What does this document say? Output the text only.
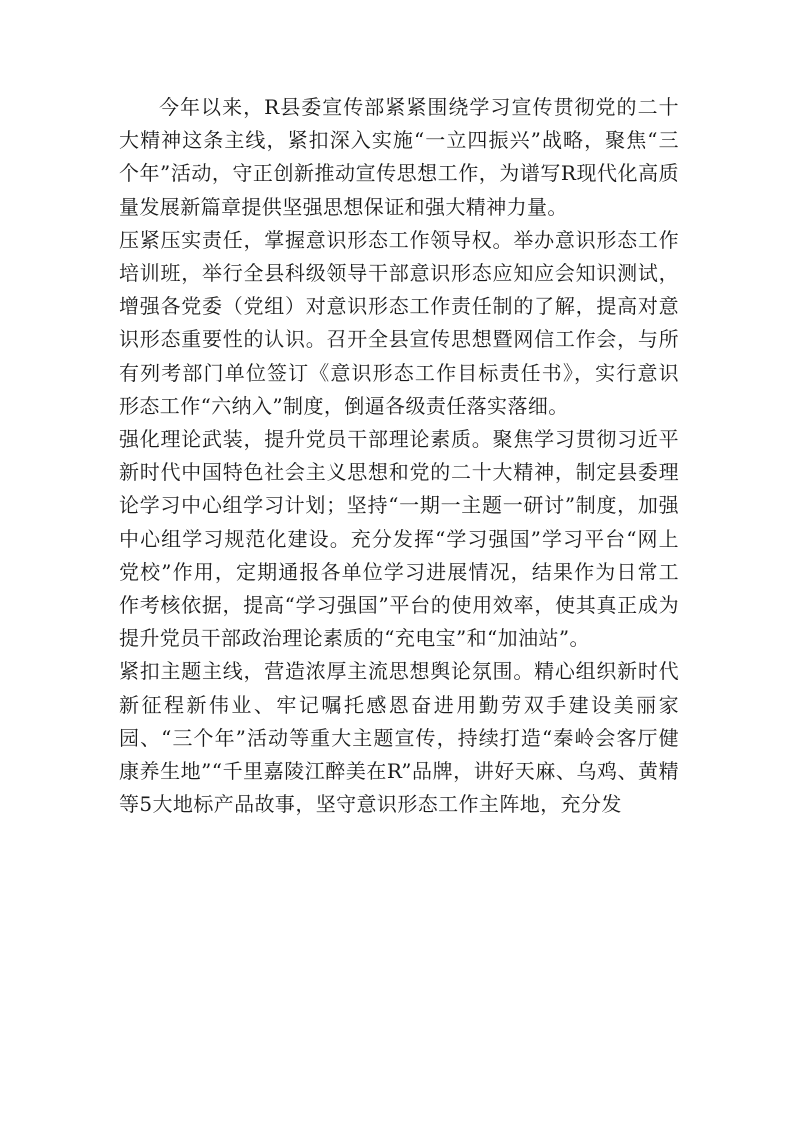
今年以来，R县委宣传部紧紧围绕学习宣传贯彻党的二十大精神这条主线，紧扣深入实施“一立四振兴”战略，聚焦“三个年”活动，守正创新推动宣传思想工作，为谱写R现代化高质量发展新篇章提供坚强思想保证和强大精神力量。

压紧压实责任，掌握意识形态工作领导权。举办意识形态工作培训班，举行全县科级领导干部意识形态应知应会知识测试，增强各党委（党组）对意识形态工作责任制的了解，提高对意识形态重要性的认识。召开全县宣传思想暨网信工作会，与所有列考部门单位签订《意识形态工作目标责任书》，实行意识形态工作“六纳入”制度，倒逼各级责任落实落细。

强化理论武装，提升党员干部理论素质。聚焦学习贯彻习近平新时代中国特色社会主义思想和党的二十大精神，制定县委理论学习中心组学习计划；坚持“一期一主题一研讨”制度，加强中心组学习规范化建设。充分发挥“学习强国”学习平台“网上党校”作用，定期通报各单位学习进展情况，结果作为日常工作考核依据，提高“学习强国”平台的使用效率，使其真正成为提升党员干部政治理论素质的“充电宝”和“加油站”。

紧扣主题主线，营造浓厚主流思想舆论氛围。精心组织新时代新征程新伟业、牢记嘱托感恩奋进用勤劳双手建设美丽家园、“三个年”活动等重大主题宣传，持续打造“秦岭会客厅健康养生地”“千里嘉陵江醉美在R”品牌，讲好天麻、乌鸡、黄精等5大地标产品故事，坚守意识形态工作主阵地，充分发
